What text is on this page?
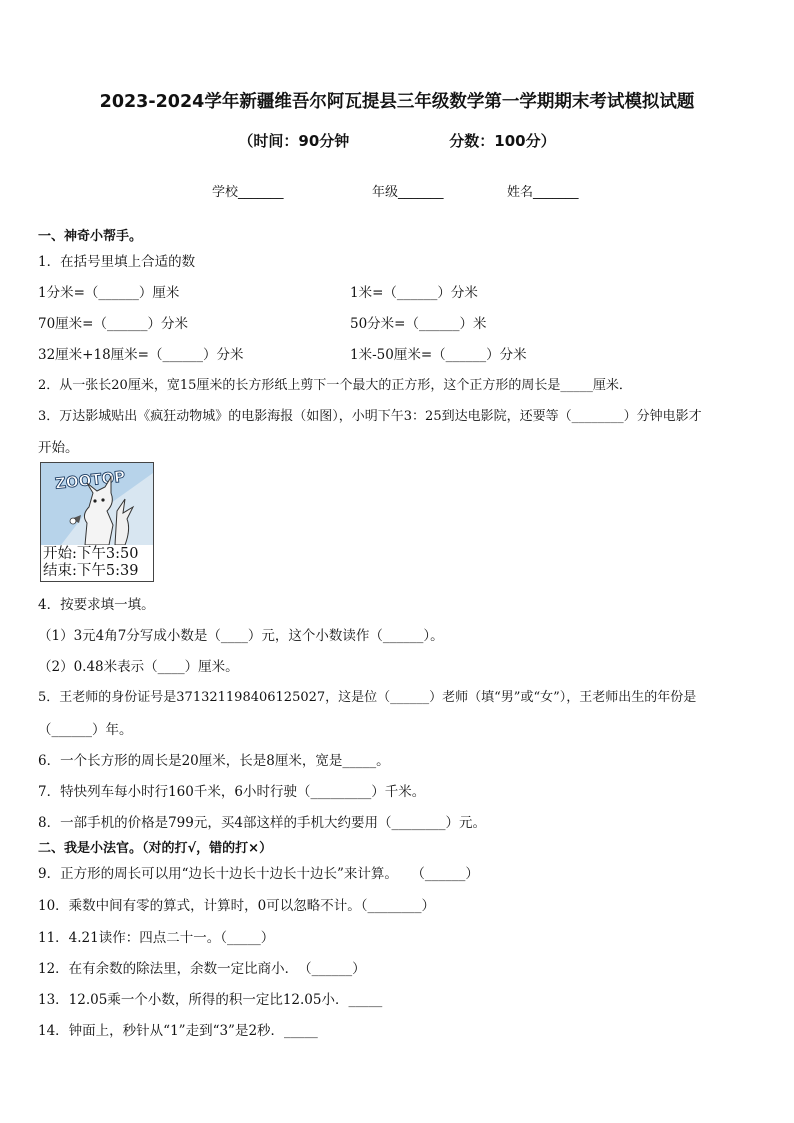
2023-2024学年新疆维吾尔阿瓦提县三年级数学第一学期期末考试模拟试题
（时间：90分钟	分数：100分）
学校_______	年级_______	姓名_______
一、神奇小帮手。
1．在括号里填上合适的数
1分米=（______）厘米	1米=（______）分米
70厘米=（______）分米	50分米=（______）米
32厘米+18厘米=（______）分米	1米-50厘米=（______）分米
2．从一张长20厘米，宽15厘米的长方形纸上剪下一个最大的正方形，这个正方形的周长是_____厘米．
3．万达影城贴出《疯狂动物城》的电影海报（如图），小明下午3：25到达电影院，还要等（________）分钟电影才
开始。
ZOOTOP
开始:下午3:50
结束:下午5:39
4．按要求填一填。
（1）3元4角7分写成小数是（____）元，这个小数读作（______）。
（2）0.48米表示（____）厘米。
5．王老师的身份证号是371321198406125027，这是位（______）老师（填“男”或“女”），王老师出生的年份是
（______）年。
6．一个长方形的周长是20厘米，长是8厘米，宽是_____。
7．特快列车每小时行160千米，6小时行驶（_________）千米。
8．一部手机的价格是799元，买4部这样的手机大约要用（________）元。
二、我是小法官。（对的打√，错的打×）
9．正方形的周长可以用“边长十边长十边长十边长”来计算。　　（______）
10．乘数中间有零的算式，计算时，0可以忽略不计。（________）
11．4.21读作：四点二十一。（_____）
12．在有余数的除法里，余数一定比商小．　（______）
13．12.05乘一个小数，所得的积一定比12.05小．_____
14．钟面上，秒针从“1”走到“3”是2秒．_____
